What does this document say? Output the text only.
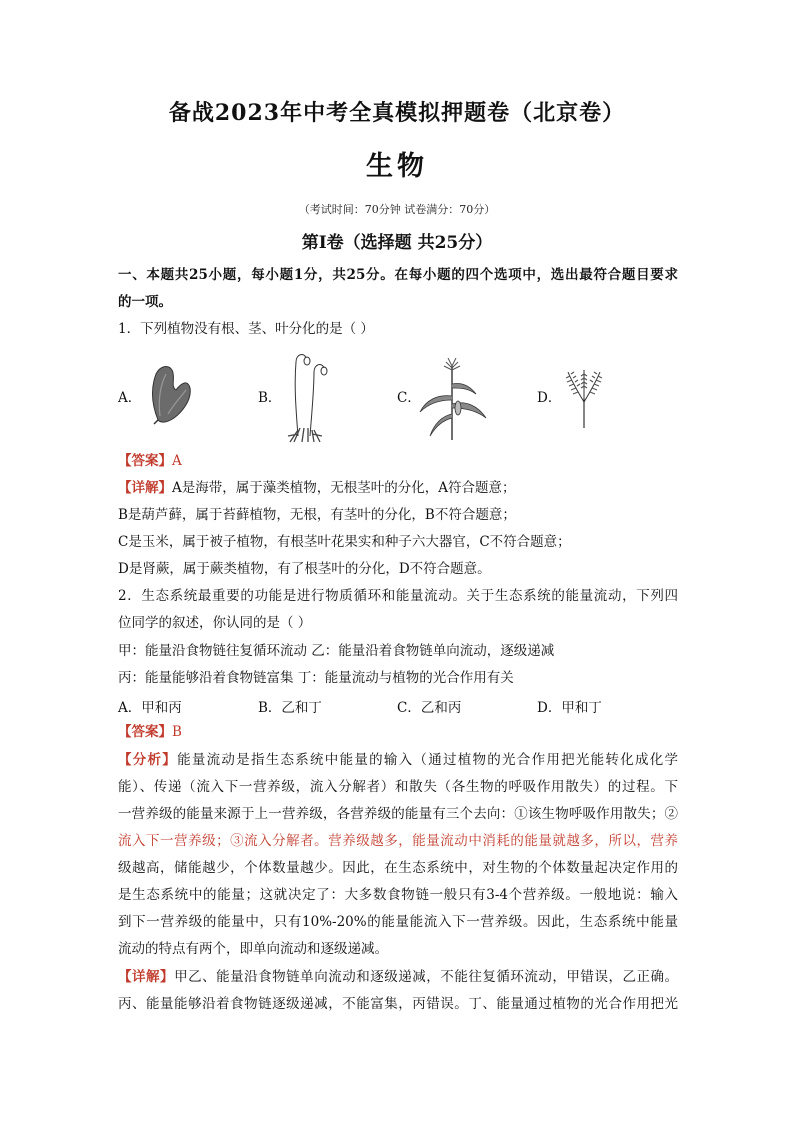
备战2023年中考全真模拟押题卷（北京卷）
生物
（考试时间：70分钟 试卷满分：70分）
第Ⅰ卷（选择题 共25分）
一、本题共25小题，每小题1分，共25分。在每小题的四个选项中，选出最符合题目要求
的一项。
1．下列植物没有根、茎、叶分化的是（ ）
A．	B．	C．	D．
【答案】A
【详解】A是海带，属于藻类植物，无根茎叶的分化，A符合题意；
B是葫芦藓，属于苔藓植物，无根，有茎叶的分化，B不符合题意；
C是玉米，属于被子植物，有根茎叶花果实和种子六大器官，C不符合题意；
D是肾蕨，属于蕨类植物，有了根茎叶的分化，D不符合题意。
2．生态系统最重要的功能是进行物质循环和能量流动。关于生态系统的能量流动，下列四
位同学的叙述，你认同的是（ ）
甲：能量沿食物链往复循环流动 乙：能量沿着食物链单向流动，逐级递减
丙：能量能够沿着食物链富集 丁：能量流动与植物的光合作用有关
A．甲和丙	B．乙和丁	C．乙和丙	D．甲和丁
【答案】B
【分析】能量流动是指生态系统中能量的输入（通过植物的光合作用把光能转化成化学
能）、传递（流入下一营养级，流入分解者）和散失（各生物的呼吸作用散失）的过程。下
一营养级的能量来源于上一营养级，各营养级的能量有三个去向：①该生物呼吸作用散失；②
流入下一营养级；③流入分解者。营养级越多，能量流动中消耗的能量就越多，所以，营养
级越高，储能越少，个体数量越少。因此，在生态系统中，对生物的个体数量起决定作用的
是生态系统中的能量；这就决定了：大多数食物链一般只有3-4个营养级。一般地说：输入
到下一营养级的能量中，只有10%-20%的能量能流入下一营养级。因此，生态系统中能量
流动的特点有两个，即单向流动和逐级递减。
【详解】甲乙、能量沿食物链单向流动和逐级递减，不能往复循环流动，甲错误，乙正确。
丙、能量能够沿着食物链逐级递减，不能富集，丙错误。丁、能量通过植物的光合作用把光
